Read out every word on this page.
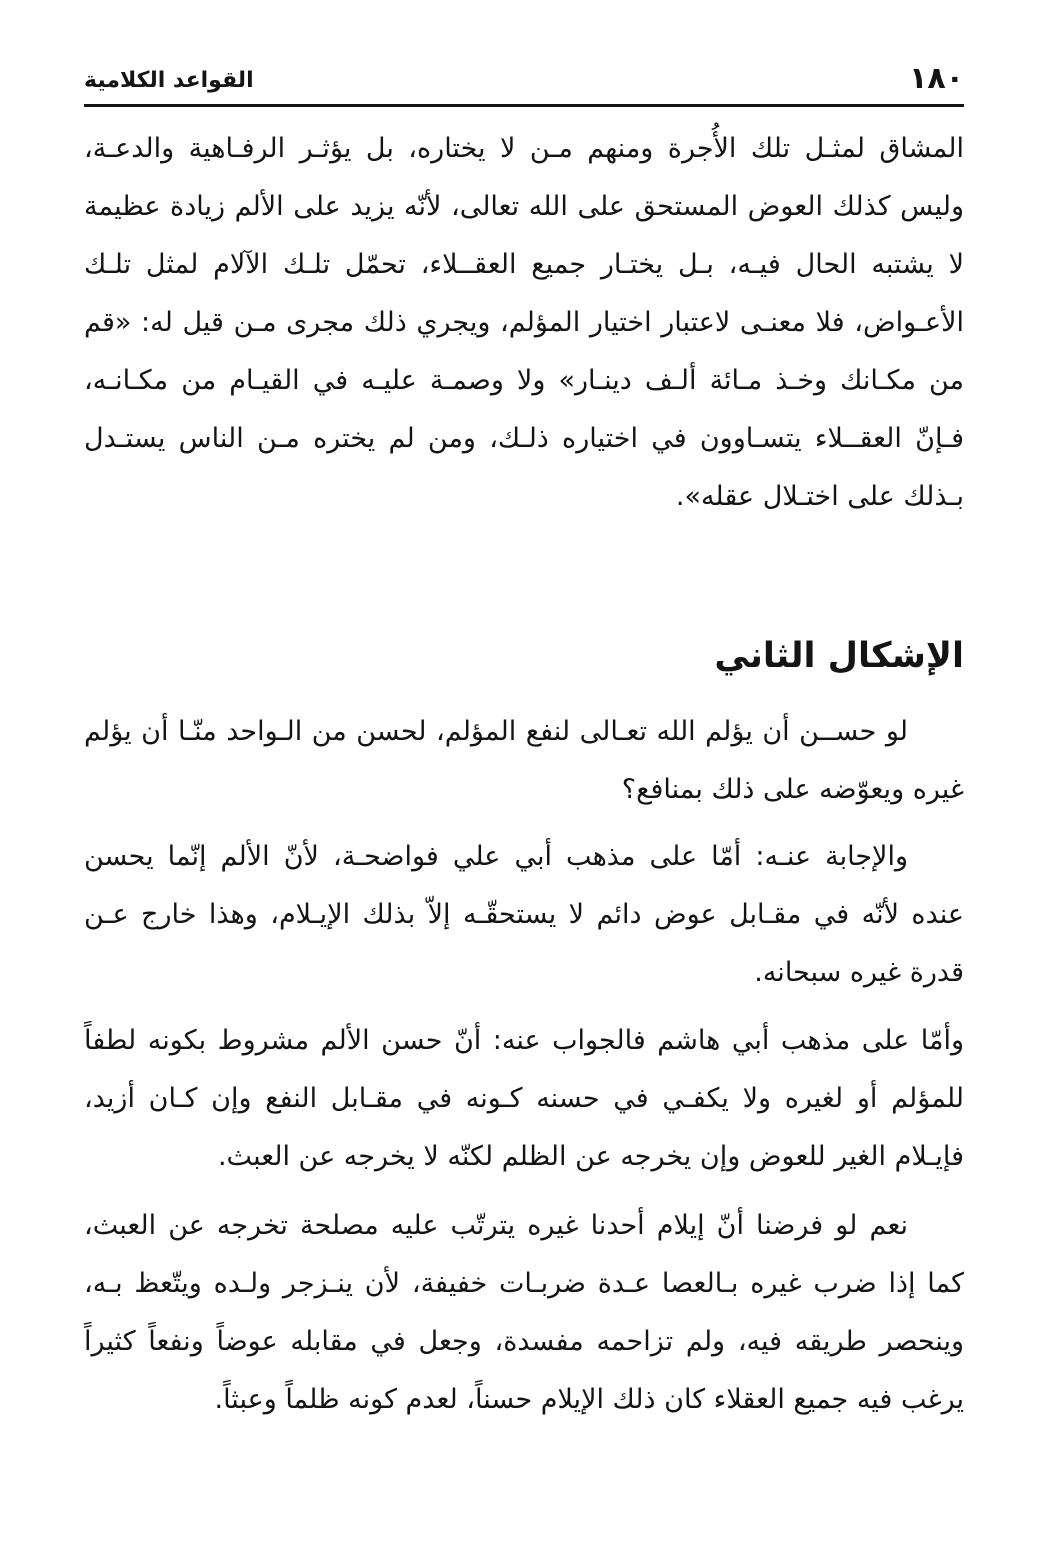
١٨٠
القواعد الكلامية

المشاق لمثـل تلك الأُجرة ومنهم مـن لا يختاره، بل يؤثـر الرفـاهية والدعـة، وليس كذلك العوض المستحق على الله تعالى، لأنّه يزيد على الألم زيادة عظيمة لا يشتبه الحال فيـه، بـل يختـار جميع العقــلاء، تحمّل تلـك الآلام لمثل تلـك الأعـواض، فلا معنـى لاعتبار اختيار المؤلم، ويجري ذلك مجرى مـن قيل له: «قم من مكـانك وخـذ مـائة ألـف دينـار» ولا وصمـة عليـه في القيـام من مكـانـه، فـإنّ العقــلاء يتسـاوون في اختياره ذلـك، ومن لم يختره مـن الناس يستـدل بـذلك على اختـلال عقله».

الإشكال الثاني

لو حســن أن يؤلم الله تعـالى لنفع المؤلم، لحسن من الـواحد منّـا أن يؤلم غيره ويعوّضه على ذلك بمنافع؟

والإجابة عنـه: أمّا على مذهب أبي علي فواضحـة، لأنّ الألم إنّما يحسن عنده لأنّه في مقـابل عوض دائم لا يستحقّـه إلاّ بذلك الإيـلام، وهذا خارج عـن قدرة غيره سبحانه.

وأمّا على مذهب أبي هاشم فالجواب عنه: أنّ حسن الألم مشروط بكونه لطفاً للمؤلم أو لغيره ولا يكفـي في حسنه كـونه في مقـابل النفع وإن كـان أزيد، فإيـلام الغير للعوض وإن يخرجه عن الظلم لكنّه لا يخرجه عن العبث.

نعم لو فرضنا أنّ إيلام أحدنا غيره يترتّب عليه مصلحة تخرجه عن العبث، كما إذا ضرب غيره بـالعصا عـدة ضربـات خفيفة، لأن ينـزجر ولـده ويتّعظ بـه، وينحصر طريقه فيه، ولم تزاحمه مفسدة، وجعل في مقابله عوضاً ونفعاً كثيراً يرغب فيه جميع العقلاء كان ذلك الإيلام حسناً، لعدم كونه ظلماً وعبثاً.
